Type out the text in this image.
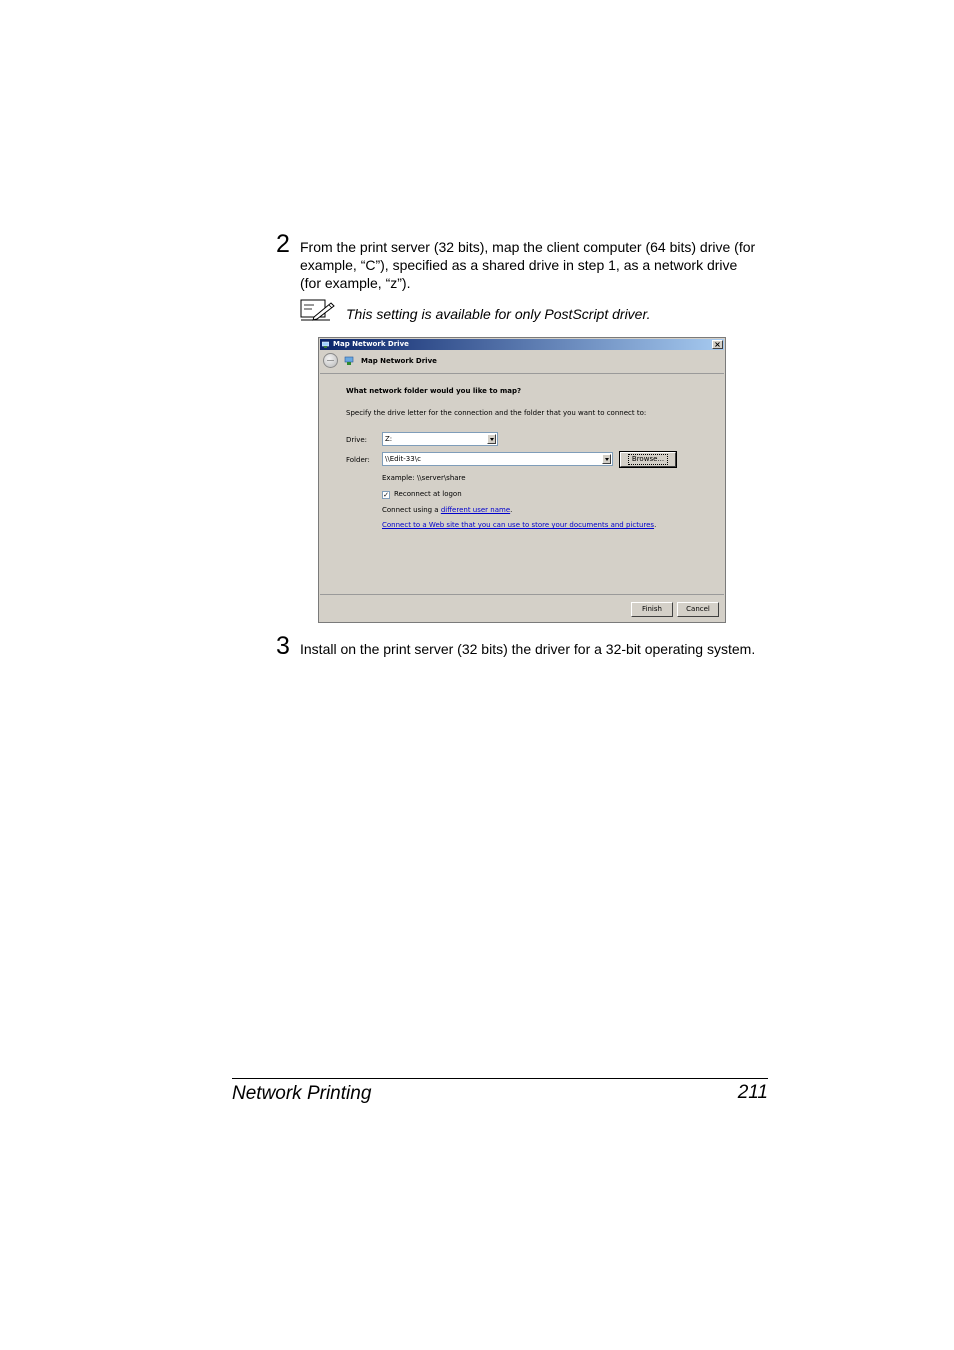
2 From the print server (32 bits), map the client computer (64 bits) drive (for
example, “C”), specified as a shared drive in step 1, as a network drive
(for example, “z”).
This setting is available for only PostScript driver.
Map Network Drive	×
Map Network Drive
What network folder would you like to map?
Specify the drive letter for the connection and the folder that you want to connect to:
Drive:	Z:
Folder:	\\Edit-33\c	Browse...
Example: \\server\share
✓ Reconnect at logon
Connect using a different user name.
Connect to a Web site that you can use to store your documents and pictures.
Finish	Cancel
3 Install on the print server (32 bits) the driver for a 32-bit operating system.
Network Printing	211
